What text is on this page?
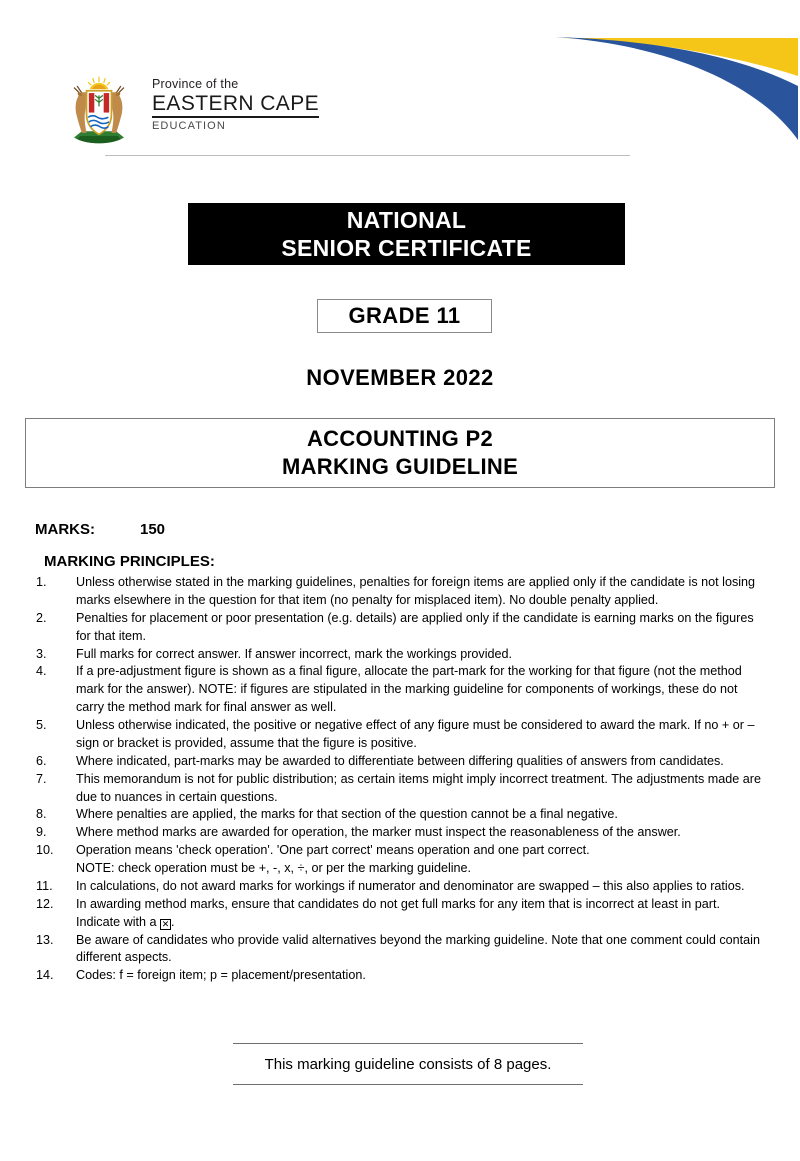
Province of the
EASTERN CAPE
EDUCATION
NATIONAL
SENIOR CERTIFICATE
GRADE 11
NOVEMBER 2022
ACCOUNTING P2
MARKING GUIDELINE
MARKS:	150
MARKING PRINCIPLES:
1.	Unless otherwise stated in the marking guidelines, penalties for foreign items are applied only if the candidate is not losing marks elsewhere in the question for that item (no penalty for misplaced item). No double penalty applied.
2.	Penalties for placement or poor presentation (e.g. details) are applied only if the candidate is earning marks on the figures for that item.
3.	Full marks for correct answer. If answer incorrect, mark the workings provided.
4.	If a pre-adjustment figure is shown as a final figure, allocate the part-mark for the working for that figure (not the method mark for the answer). NOTE: if figures are stipulated in the marking guideline for components of workings, these do not carry the method mark for final answer as well.
5.	Unless otherwise indicated, the positive or negative effect of any figure must be considered to award the mark. If no + or – sign or bracket is provided, assume that the figure is positive.
6.	Where indicated, part-marks may be awarded to differentiate between differing qualities of answers from candidates.
7.	This memorandum is not for public distribution; as certain items might imply incorrect treatment. The adjustments made are due to nuances in certain questions.
8.	Where penalties are applied, the marks for that section of the question cannot be a final negative.
9.	Where method marks are awarded for operation, the marker must inspect the reasonableness of the answer.
10.	Operation means 'check operation'. 'One part correct' means operation and one part correct.
NOTE: check operation must be +, -, x, ÷, or per the marking guideline.
11.	In calculations, do not award marks for workings if numerator and denominator are swapped – this also applies to ratios.
12.	In awarding method marks, ensure that candidates do not get full marks for any item that is incorrect at least in part. Indicate with a ✕ .
13.	Be aware of candidates who provide valid alternatives beyond the marking guideline. Note that one comment could contain different aspects.
14.	Codes: f = foreign item; p = placement/presentation.
This marking guideline consists of 8 pages.
